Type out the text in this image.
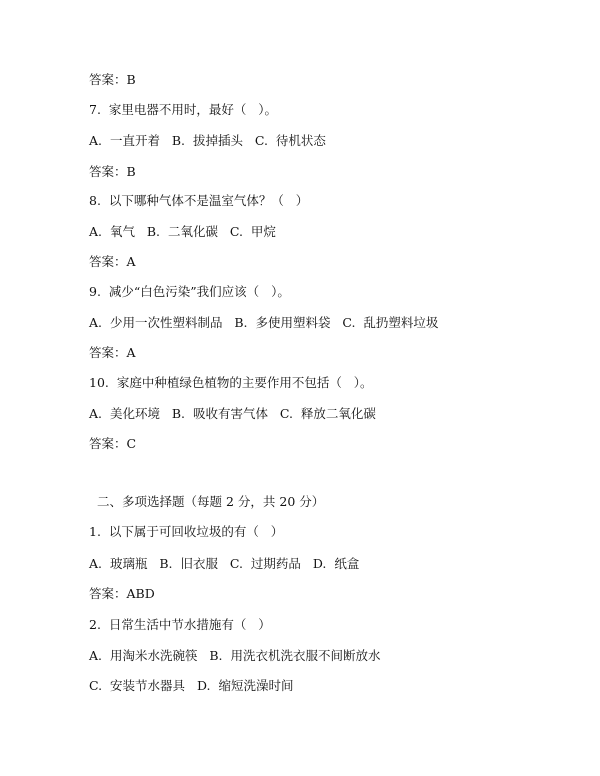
答案：B
7.  家里电器不用时，最好（   ）。
A.  一直开着   B.  拔掉插头   C.  待机状态
答案：B
8.  以下哪种气体不是温室气体？（   ）
A.  氧气   B.  二氧化碳   C.  甲烷
答案：A
9.  减少“白色污染”我们应该（   ）。
A.  少用一次性塑料制品   B.  多使用塑料袋   C.  乱扔塑料垃圾
答案：A
10.  家庭中种植绿色植物的主要作用不包括（   ）。
A.  美化环境   B.  吸收有害气体   C.  释放二氧化碳
答案：C
二、多项选择题（每题 2 分，共 20 分）
1.  以下属于可回收垃圾的有（   ）
A.  玻璃瓶   B.  旧衣服   C.  过期药品   D.  纸盒
答案：ABD
2.  日常生活中节水措施有（   ）
A.  用淘米水洗碗筷   B.  用洗衣机洗衣服不间断放水
C.  安装节水器具   D.  缩短洗澡时间
